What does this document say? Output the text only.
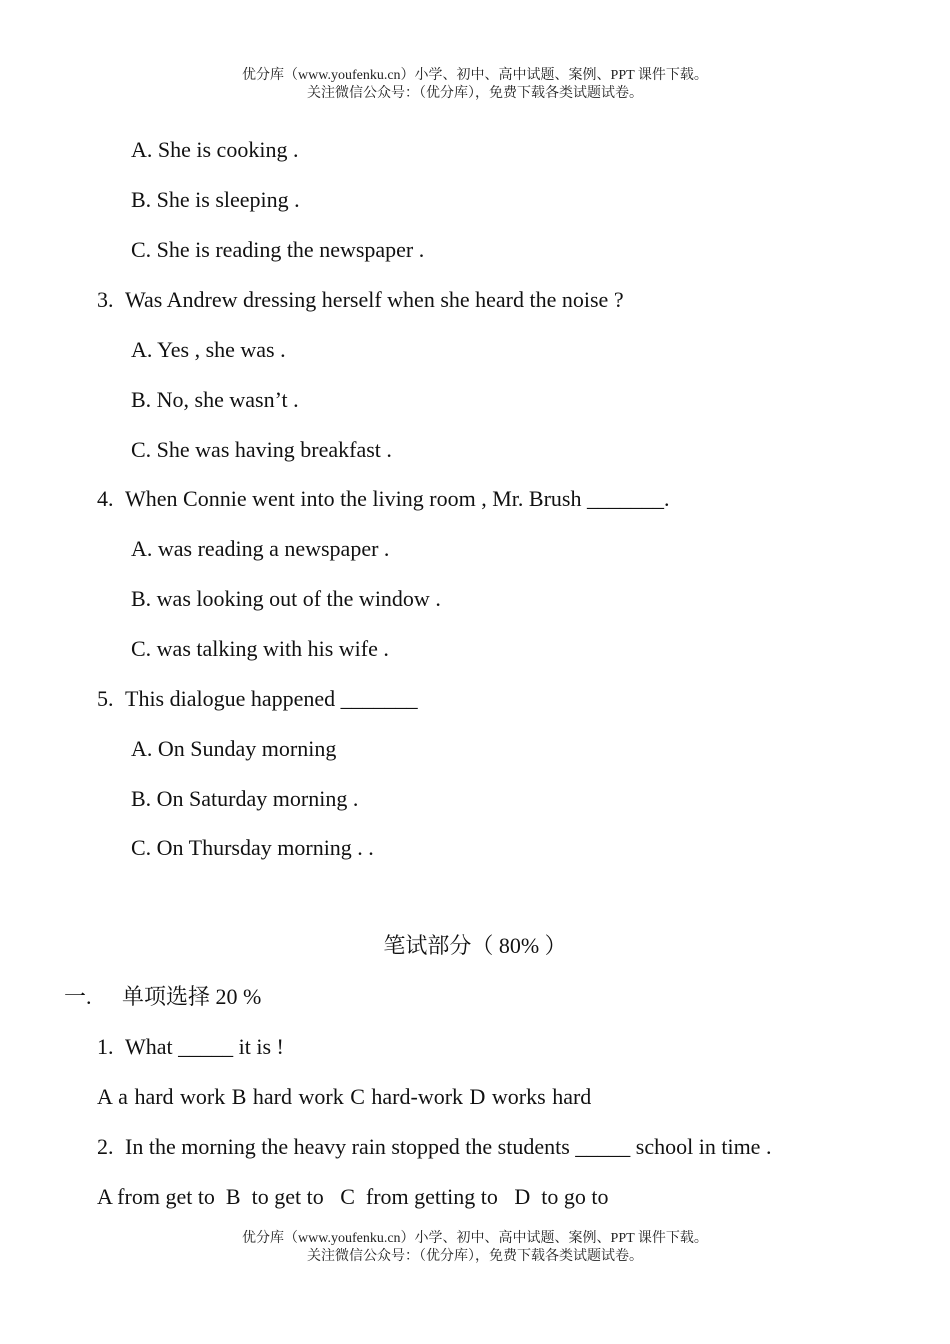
优分库（www.youfenku.cn）小学、初中、高中试题、案例、PPT 课件下载。
关注微信公众号：（优分库），免费下载各类试题试卷。
A. She is cooking .
B. She is sleeping .
C. She is reading the newspaper .
3. Was Andrew dressing herself when she heard the noise ?
A. Yes , she was .
B. No, she wasn’t .
C. She was having breakfast .
4. When Connie went into the living room , Mr. Brush _______.
A. was reading a newspaper .
B. was looking out of the window .
C. was talking with his wife .
5. This dialogue happened _______
A. On Sunday morning
B. On Saturday morning .
C. On Thursday morning . .
笔试部分（ 80% ）
一. 单项选择 20 %
1. What _____ it is !
A a hard work B hard work C hard-work D works hard
2. In the morning the heavy rain stopped the students _____ school in time .
A from get to  B  to get to   C  from getting to   D  to go to
优分库（www.youfenku.cn）小学、初中、高中试题、案例、PPT 课件下载。
关注微信公众号：（优分库），免费下载各类试题试卷。
